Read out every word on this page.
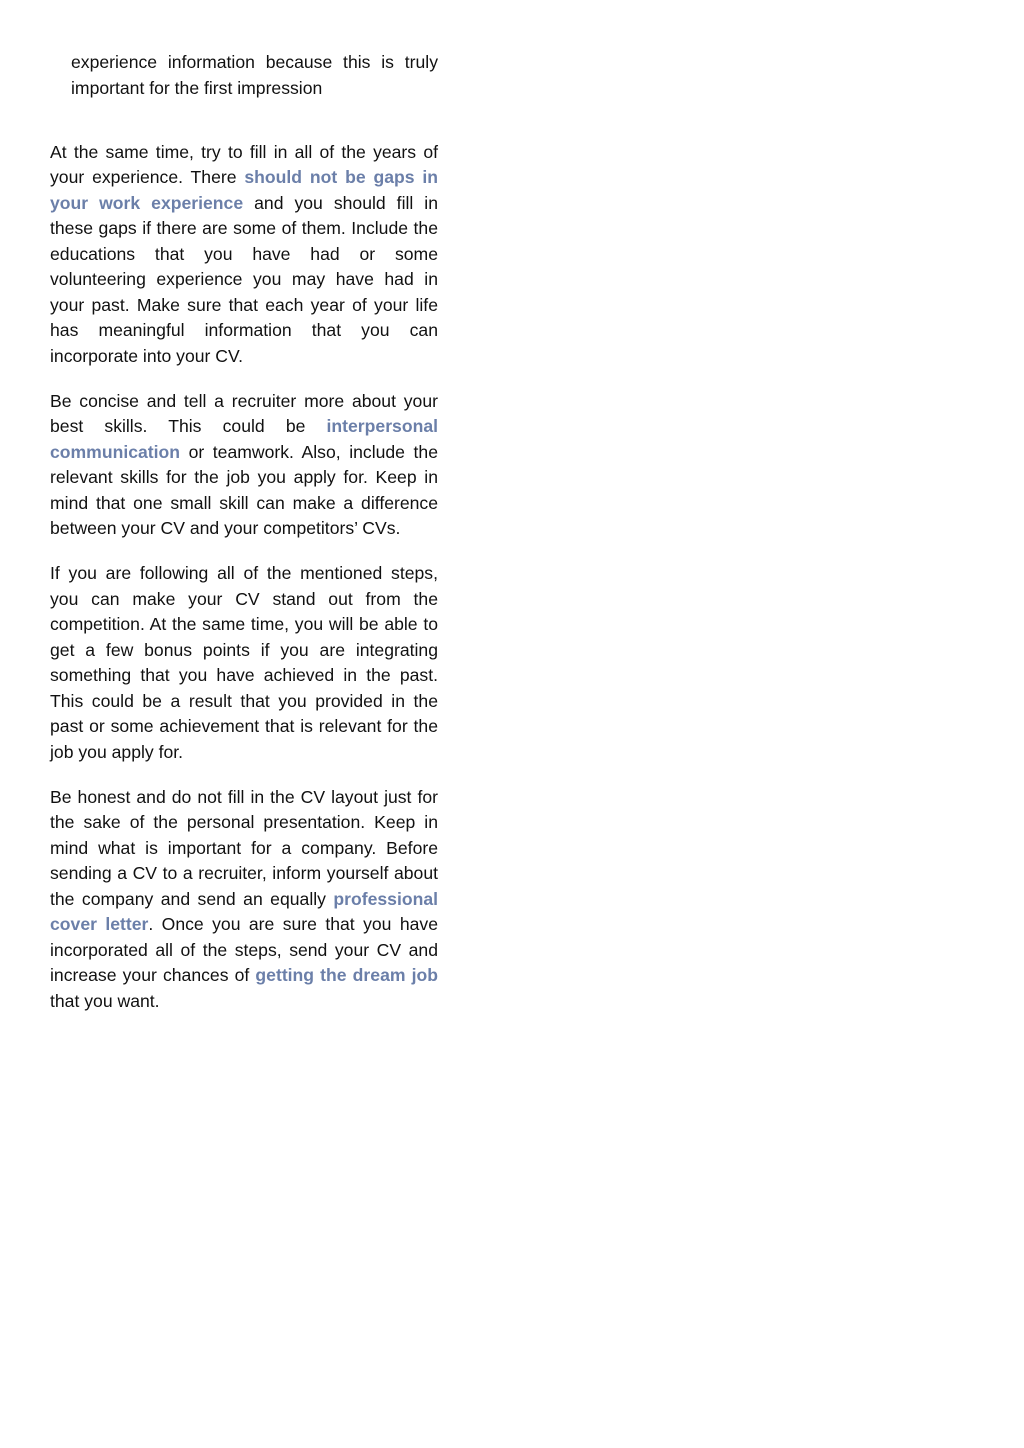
experience information because this is truly important for the first impression

At the same time, try to fill in all of the years of your experience. There should not be gaps in your work experience and you should fill in these gaps if there are some of them. Include the educations that you have had or some volunteering experience you may have had in your past. Make sure that each year of your life has meaningful information that you can incorporate into your CV.

Be concise and tell a recruiter more about your best skills. This could be interpersonal communication or teamwork. Also, include the relevant skills for the job you apply for. Keep in mind that one small skill can make a difference between your CV and your competitors’ CVs.

If you are following all of the mentioned steps, you can make your CV stand out from the competition. At the same time, you will be able to get a few bonus points if you are integrating something that you have achieved in the past. This could be a result that you provided in the past or some achievement that is relevant for the job you apply for.

Be honest and do not fill in the CV layout just for the sake of the personal presentation. Keep in mind what is important for a company. Before sending a CV to a recruiter, inform yourself about the company and send an equally professional cover letter. Once you are sure that you have incorporated all of the steps, send your CV and increase your chances of getting the dream job that you want.
